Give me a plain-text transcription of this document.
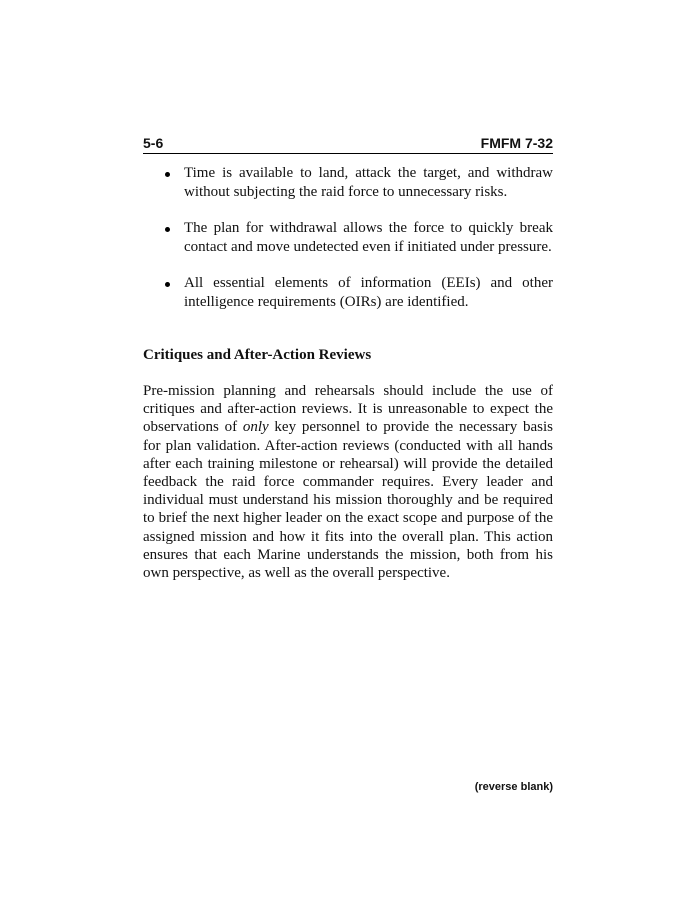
5-6	FMFM 7-32
Time is available to land, attack the target, and withdraw without subjecting the raid force to unnecessary risks.
The plan for withdrawal allows the force to quickly break contact and move undetected even if initiated under pressure.
All essential elements of information (EEIs) and other intelligence requirements (OIRs) are identified.
Critiques and After-Action Reviews

Pre-mission planning and rehearsals should include the use of critiques and after-action reviews. It is unreasonable to expect the observations of only key personnel to provide the necessary basis for plan validation. After-action reviews (conducted with all hands after each training milestone or rehearsal) will provide the detailed feedback the raid force commander requires. Every leader and individual must understand his mission thoroughly and be required to brief the next higher leader on the exact scope and purpose of the assigned mission and how it fits into the overall plan. This action ensures that each Marine understands the mission, both from his own perspective, as well as the overall perspective.

(reverse blank)
